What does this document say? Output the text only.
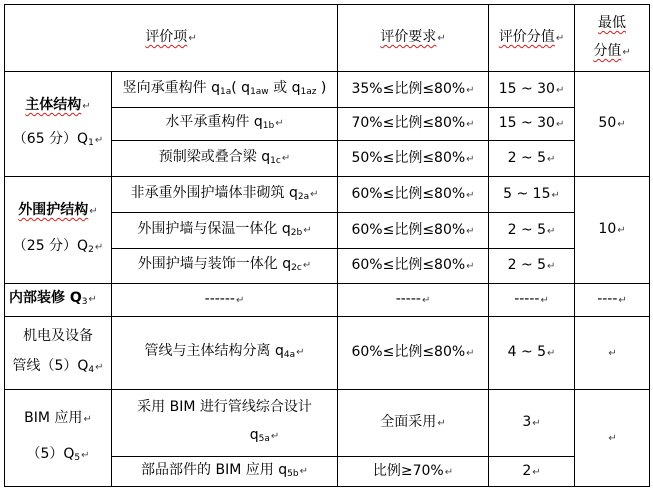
评价项↵		评价要求↵	评价分值↵	最低
分值↵
主体结构↵
（65 分）$Q_1↵$	竖向承重构件 $q_{1a}$( $q_{1aw}$ 或 $q_{1az}$ )	35%≤比例≤80%↵	15 ~ 30↵	50↵
	水平承重构件 $q_{1b}↵$	70%≤比例≤80%↵	15 ~ 30↵	
	预制梁或叠合梁 $q_{1c}↵$	50%≤比例≤80%↵	2 ~ 5↵	
外围护结构↵
（25 分）$Q_2↵$	非承重外围护墙体非砌筑 $q_{2a}↵$	60%≤比例≤80%↵	5 ~ 15↵	10↵
	外围护墙与保温一体化 $q_{2b}↵$	60%≤比例≤80%↵	2 ~ 5↵	
	外围护墙与装饰一体化 $q_{2c}↵$	60%≤比例≤80%↵	2 ~ 5↵	
内部装修 $Q_3↵$	------↵	-----↵	-----↵	----↵
机电及设备
管线$(5)Q_4↵$	管线与主体结构分离 $q_{4a}↵$	60%≤比例≤80%↵	4 ~ 5↵	↵
BIM 应用↵
$(5)Q_5↵$	采用 BIM 进行管线综合设计
$q_{5a}↵$	全面采用↵	3↵	↵
	部品部件的 BIM 应用 $q_{5b}↵$	比例≥70%↵	2↵	
